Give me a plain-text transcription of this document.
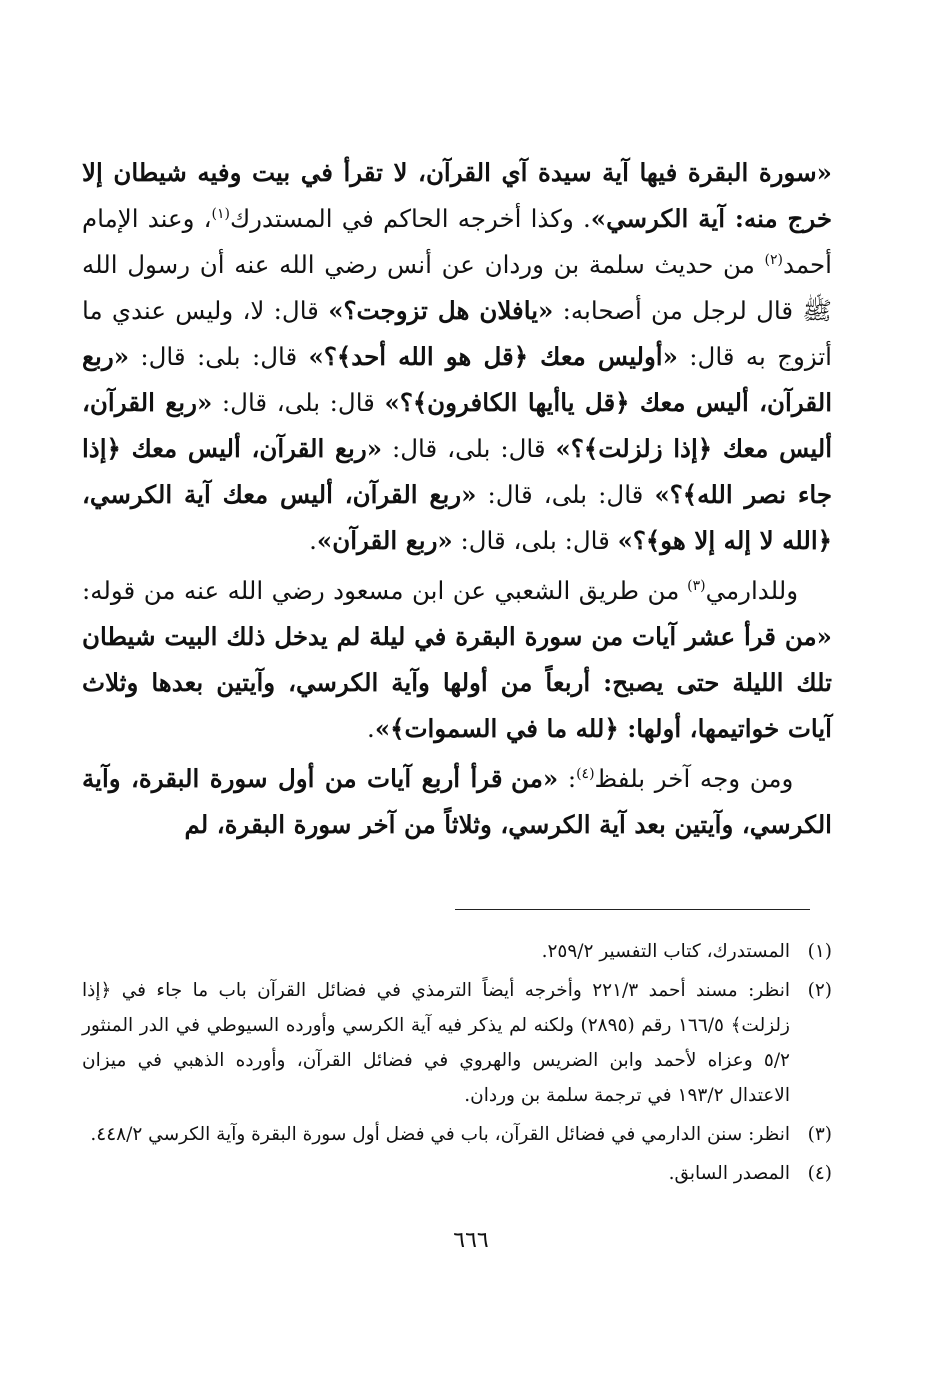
«سورة البقرة فيها آية سيدة آي القرآن، لا تقرأ في بيت وفيه شيطان إلا خرج منه: آية الكرسي». وكذا أخرجه الحاكم في المستدرك$^{(١)}$، وعند الإمام أحمد$^{(٢)}$ من حديث سلمة بن وردان عن أنس رضي الله عنه أن رسول الله ﷺ قال لرجل من أصحابه: «يافلان هل تزوجت؟» قال: لا، وليس عندي ما أتزوج به قال: «أوليس معك ﴿قل هو الله أحد﴾؟» قال: بلى: قال: «ربع القرآن، أليس معك ﴿قل ياأيها الكافرون﴾؟» قال: بلى، قال: «ربع القرآن، أليس معك ﴿إذا زلزلت﴾؟» قال: بلى، قال: «ربع القرآن، أليس معك ﴿إذا جاء نصر الله﴾؟» قال: بلى، قال: «ربع القرآن، أليس معك آية الكرسي، ﴿الله لا إله إلا هو﴾؟» قال: بلى، قال: «ربع القرآن».

وللدارمي$^{(٣)}$ من طريق الشعبي عن ابن مسعود رضي الله عنه من قوله: «من قرأ عشر آيات من سورة البقرة في ليلة لم يدخل ذلك البيت شيطان تلك الليلة حتى يصبح: أربعاً من أولها وآية الكرسي، وآيتين بعدها وثلاث آيات خواتيمها، أولها: ﴿لله ما في السموات﴾».

ومن وجه آخر بلفظ$^{(٤)}$: «من قرأ أربع آيات من أول سورة البقرة، وآية الكرسي، وآيتين بعد آية الكرسي، وثلاثاً من آخر سورة البقرة، لم

(١)
المستدرك، كتاب التفسير ٢٥٩/٢.
(٢)
انظر: مسند أحمد ٢٢١/٣ وأخرجه أيضاً الترمذي في فضائل القرآن باب ما جاء في ﴿إذا زلزلت﴾ ١٦٦/٥ رقم (٢٨٩٥) ولكنه لم يذكر فيه آية الكرسي وأورده السيوطي في الدر المنثور ٥/٢ وعزاه لأحمد وابن الضريس والهروي في فضائل القرآن، وأورده الذهبي في ميزان الاعتدال ١٩٣/٢ في ترجمة سلمة بن وردان.
(٣)
انظر: سنن الدارمي في فضائل القرآن، باب في فضل أول سورة البقرة وآية الكرسي ٤٤٨/٢.
(٤)
المصدر السابق.
٦٦٦
